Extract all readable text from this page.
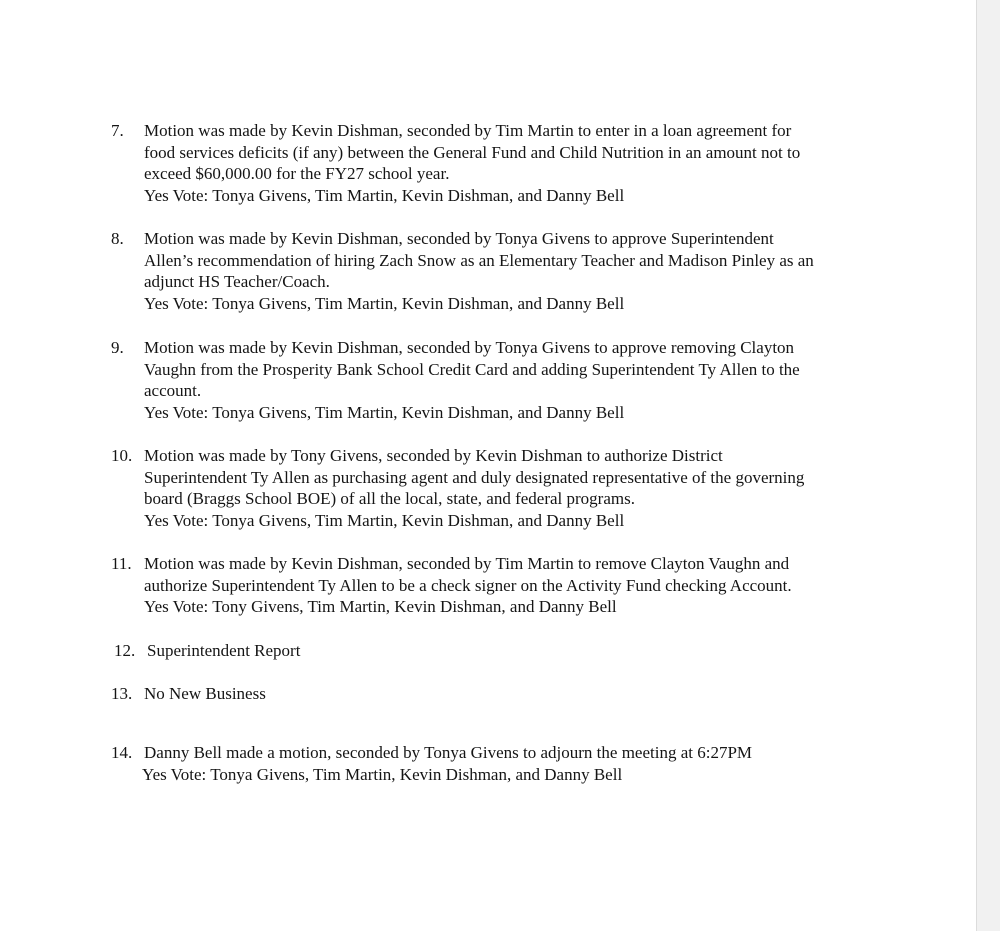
7.	Motion was made by Kevin Dishman, seconded by Tim Martin to enter in a loan agreement for
food services deficits (if any) between the General Fund and Child Nutrition in an amount not to
exceed $60,000.00 for the FY27 school year.
Yes Vote: Tonya Givens, Tim Martin, Kevin Dishman, and Danny Bell
8.	Motion was made by Kevin Dishman, seconded by Tonya Givens to approve Superintendent
Allen’s recommendation of hiring Zach Snow as an Elementary Teacher and Madison Pinley as an
adjunct HS Teacher/Coach.
Yes Vote: Tonya Givens, Tim Martin, Kevin Dishman, and Danny Bell
9.	Motion was made by Kevin Dishman, seconded by Tonya Givens to approve removing Clayton
Vaughn from the Prosperity Bank School Credit Card and adding Superintendent Ty Allen to the
account.
Yes Vote: Tonya Givens, Tim Martin, Kevin Dishman, and Danny Bell
10. Motion was made by Tony Givens, seconded by Kevin Dishman to authorize District
Superintendent Ty Allen as purchasing agent and duly designated representative of the governing
board (Braggs School BOE) of all the local, state, and federal programs.
Yes Vote: Tonya Givens, Tim Martin, Kevin Dishman, and Danny Bell
11. Motion was made by Kevin Dishman, seconded by Tim Martin to remove Clayton Vaughn and
authorize Superintendent Ty Allen to be a check signer on the Activity Fund checking Account.
Yes Vote: Tony Givens, Tim Martin, Kevin Dishman, and Danny Bell
12. Superintendent Report
13. No New Business
14. Danny Bell made a motion, seconded by Tonya Givens to adjourn the meeting at 6:27PM
Yes Vote: Tonya Givens, Tim Martin, Kevin Dishman, and Danny Bell
